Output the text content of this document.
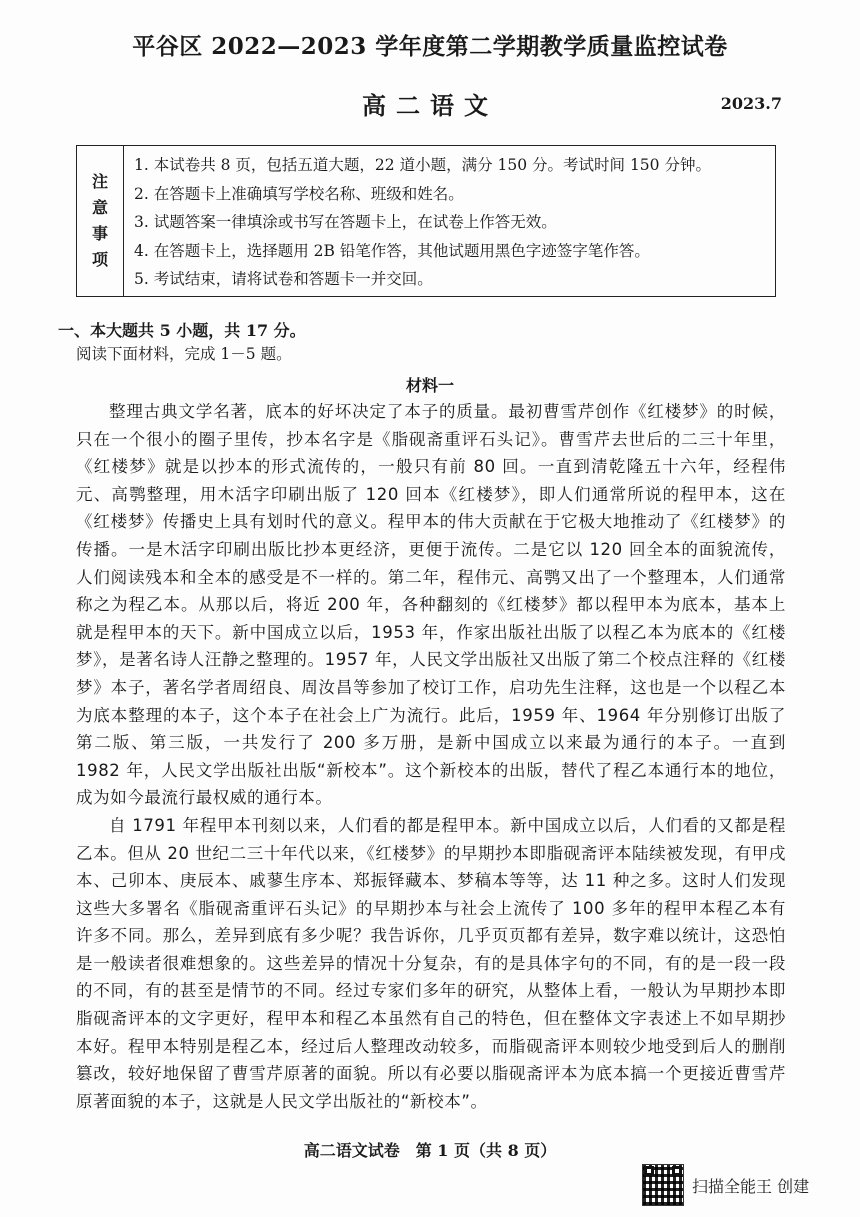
平谷区 2022—2023 学年度第二学期教学质量监控试卷
高二语文	2023.7
注
意
事
项
1. 本试卷共 8 页，包括五道大题，22 道小题，满分 150 分。考试时间 150 分钟。
2. 在答题卡上准确填写学校名称、班级和姓名。
3. 试题答案一律填涂或书写在答题卡上，在试卷上作答无效。
4. 在答题卡上，选择题用 2B 铅笔作答，其他试题用黑色字迹签字笔作答。
5. 考试结束，请将试卷和答题卡一并交回。
一、本大题共 5 小题，共 17 分。
阅读下面材料，完成 1－5 题。
材料一

整理古典文学名著，底本的好坏决定了本子的质量。最初曹雪芹创作《红楼梦》的时候，只在一个很小的圈子里传，抄本名字是《脂砚斋重评石头记》。曹雪芹去世后的二三十年里，《红楼梦》就是以抄本的形式流传的，一般只有前 80 回。一直到清乾隆五十六年，经程伟元、高鹗整理，用木活字印刷出版了 120 回本《红楼梦》，即人们通常所说的程甲本，这在《红楼梦》传播史上具有划时代的意义。程甲本的伟大贡献在于它极大地推动了《红楼梦》的传播。一是木活字印刷出版比抄本更经济，更便于流传。二是它以 120 回全本的面貌流传，人们阅读残本和全本的感受是不一样的。第二年，程伟元、高鹗又出了一个整理本，人们通常称之为程乙本。从那以后，将近 200 年，各种翻刻的《红楼梦》都以程甲本为底本，基本上就是程甲本的天下。新中国成立以后，1953 年，作家出版社出版了以程乙本为底本的《红楼梦》，是著名诗人汪静之整理的。1957 年，人民文学出版社又出版了第二个校点注释的《红楼梦》本子，著名学者周绍良、周汝昌等参加了校订工作，启功先生注释，这也是一个以程乙本为底本整理的本子，这个本子在社会上广为流行。此后，1959 年、1964 年分别修订出版了第二版、第三版，一共发行了 200 多万册，是新中国成立以来最为通行的本子。一直到 1982 年，人民文学出版社出版“新校本”。这个新校本的出版，替代了程乙本通行本的地位，成为如今最流行最权威的通行本。

自 1791 年程甲本刊刻以来，人们看的都是程甲本。新中国成立以后，人们看的又都是程乙本。但从 20 世纪二三十年代以来，《红楼梦》的早期抄本即脂砚斋评本陆续被发现，有甲戌本、己卯本、庚辰本、戚蓼生序本、郑振铎藏本、梦稿本等等，达 11 种之多。这时人们发现这些大多署名《脂砚斋重评石头记》的早期抄本与社会上流传了 100 多年的程甲本程乙本有许多不同。那么，差异到底有多少呢？我告诉你，几乎页页都有差异，数字难以统计，这恐怕是一般读者很难想象的。这些差异的情况十分复杂，有的是具体字句的不同，有的是一段一段的不同，有的甚至是情节的不同。经过专家们多年的研究，从整体上看，一般认为早期抄本即脂砚斋评本的文字更好，程甲本和程乙本虽然有自己的特色，但在整体文字表述上不如早期抄本好。程甲本特别是程乙本，经过后人整理改动较多，而脂砚斋评本则较少地受到后人的删削篡改，较好地保留了曹雪芹原著的面貌。所以有必要以脂砚斋评本为底本搞一个更接近曹雪芹原著面貌的本子，这就是人民文学出版社的“新校本”。

高二语文试卷　第 1 页（共 8 页）
扫描全能王 创建
